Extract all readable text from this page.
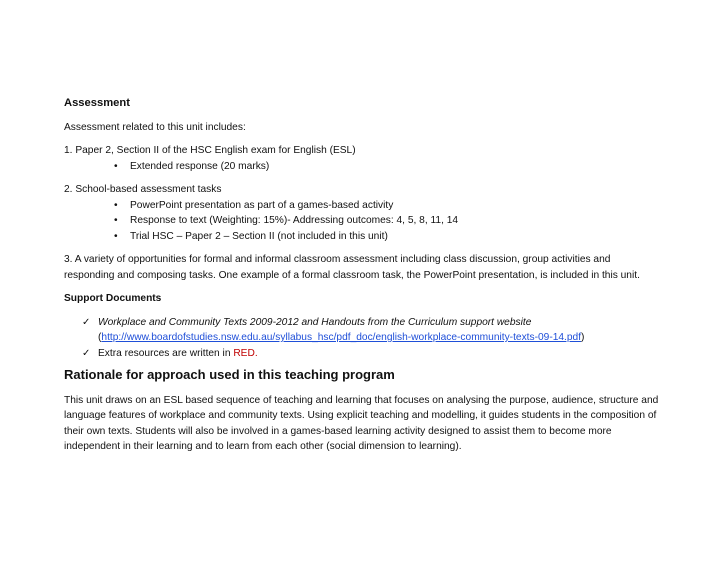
Assessment

Assessment related to this unit includes:

1. Paper 2, Section II of the HSC English exam for English (ESL)

• Extended response (20 marks)

2. School-based assessment tasks

• PowerPoint presentation as part of a games-based activity

• Response to text (Weighting: 15%)- Addressing outcomes: 4, 5, 8, 11, 14

• Trial HSC – Paper 2 – Section II (not included in this unit)

3. A variety of opportunities for formal and informal classroom assessment including class discussion, group activities and

responding and composing tasks. One example of a formal classroom task, the PowerPoint presentation, is included in this unit.

Support Documents

✓ Workplace and Community Texts 2009-2012 and Handouts from the Curriculum support website
(http://www.boardofstudies.nsw.edu.au/syllabus_hsc/pdf_doc/english-workplace-community-texts-09-14.pdf)
✓ Extra resources are written in RED.

Rationale for approach used in this teaching program

This unit draws on an ESL based sequence of teaching and learning that focuses on analysing the purpose, audience, structure and

language features of workplace and community texts. Using explicit teaching and modelling, it guides students in the composition of

their own texts. Students will also be involved in a games-based learning activity designed to assist them to become more

independent in their learning and to learn from each other (social dimension to learning).
